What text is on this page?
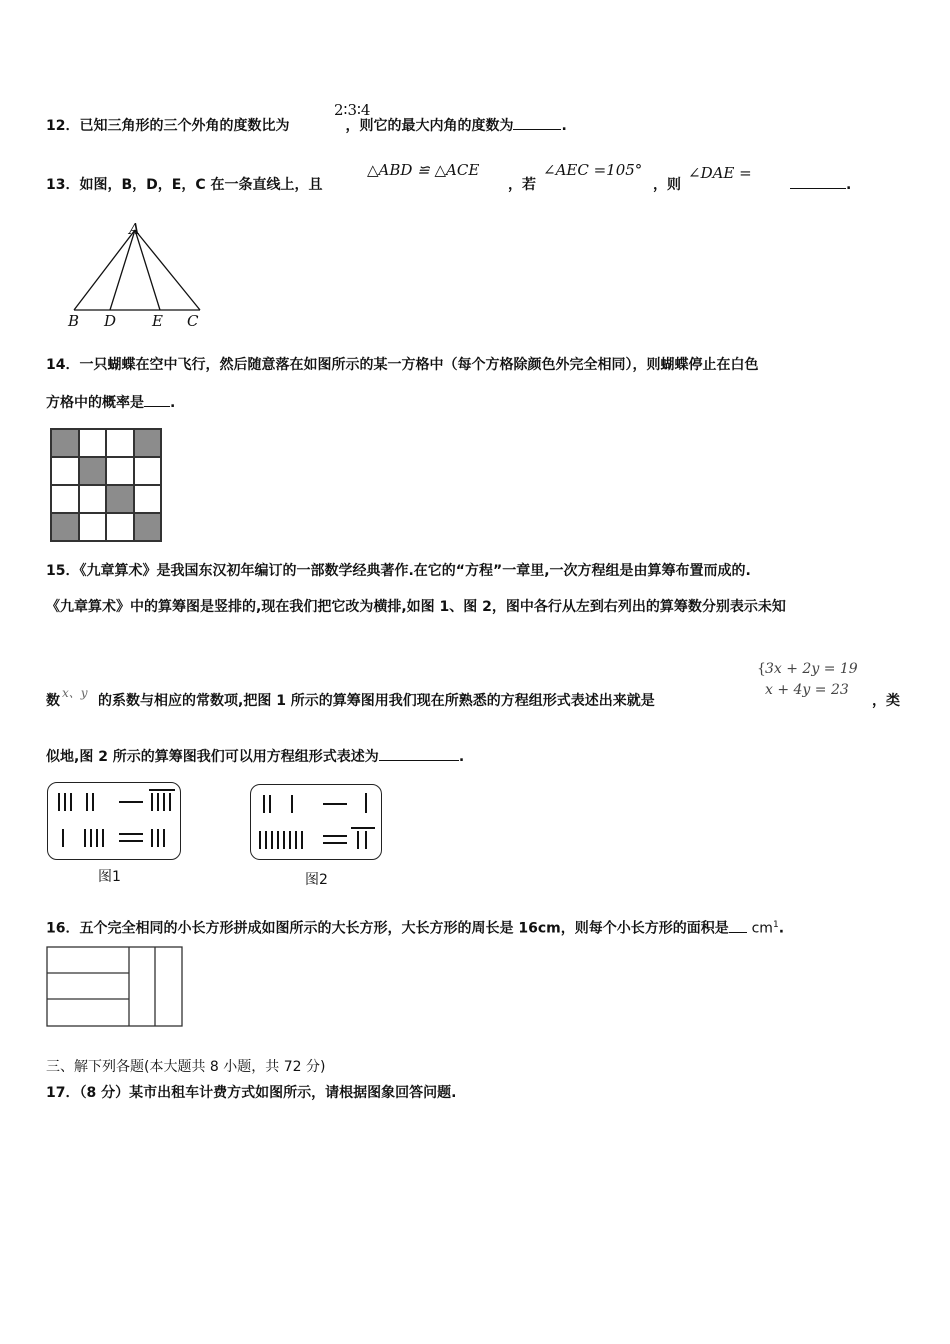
12．已知三角形的三个外角的度数比为	，则它的最大内角的度数为	.
2∶3∶4
13．如图，B，D，E，C 在一条直线上，且
△ABD ≌ △ACE
，若
∠AEC =105°
，则
∠DAE =
.
A
B D E C
14．一只蝴蝶在空中飞行，然后随意落在如图所示的某一方格中（每个方格除颜色外完全相同），则蝴蝶停止在白色
方格中的概率是 .
15．《九章算术》是我国东汉初年编订的一部数学经典著作.在它的“方程”一章里,一次方程组是由算筹布置而成的.
《九章算术》中的算筹图是竖排的,现在我们把它改为横排,如图 1、图 2，图中各行从左到右列出的算筹数分别表示未知
数 x、y 的系数与相应的常数项,把图 1 所示的算筹图用我们现在所熟悉的方程组形式表述出来就是
{ 3x + 2y = 19
x + 4y = 23
，类
似地,图 2 所示的算筹图我们可以用方程组形式表述为	.
图1	图2
16．五个完全相同的小长方形拼成如图所示的大长方形，大长方形的周长是 16cm，则每个小长方形的面积是 $cm^1$.
三、解下列各题(本大题共 8 小题，共 72 分)
17．（8 分）某市出租车计费方式如图所示，请根据图象回答问题.
